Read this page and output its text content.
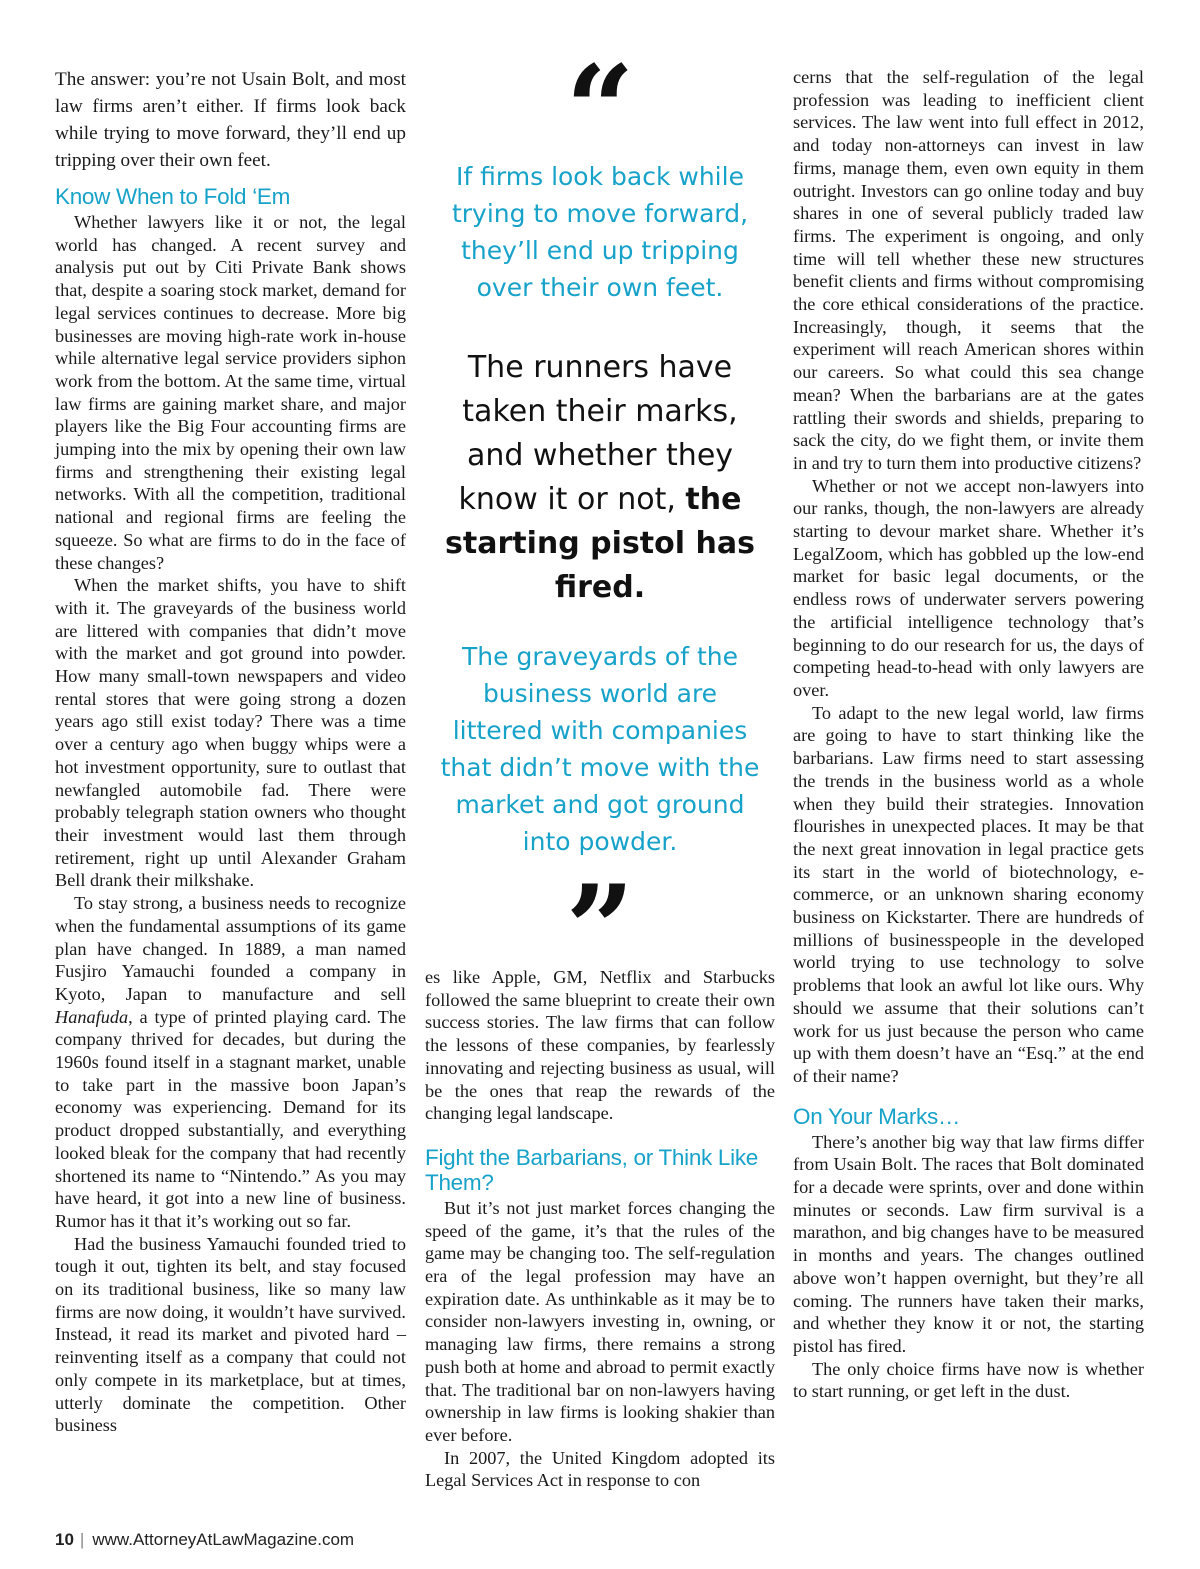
The answer: you’re not Usain Bolt, and most law firms aren’t either. If firms look back while trying to move forward, they’ll end up tripping over their own feet.

Know When to Fold ‘Em

Whether lawyers like it or not, the legal world has changed. A recent survey and analysis put out by Citi Private Bank shows that, despite a soaring stock market, demand for legal services continues to decrease. More big businesses are moving high-rate work in-house while alternative legal service providers siphon work from the bottom. At the same time, virtual law firms are gaining market share, and major players like the Big Four accounting firms are jumping into the mix by opening their own law firms and strengthening their existing legal networks. With all the competition, traditional national and regional firms are feeling the squeeze. So what are firms to do in the face of these changes?

When the market shifts, you have to shift with it. The graveyards of the business world are littered with companies that didn’t move with the market and got ground into powder. How many small-town newspapers and video rental stores that were going strong a dozen years ago still exist today? There was a time over a century ago when buggy whips were a hot investment opportunity, sure to outlast that newfangled automobile fad. There were probably telegraph station owners who thought their investment would last them through retirement, right up until Alexander Graham Bell drank their milkshake.

To stay strong, a business needs to recognize when the fundamental assumptions of its game plan have changed. In 1889, a man named Fusjiro Yamauchi founded a company in Kyoto, Japan to manufacture and sell Hanafuda, a type of printed playing card. The company thrived for decades, but during the 1960s found itself in a stagnant market, unable to take part in the massive boon Japan’s economy was experiencing. Demand for its product dropped substantially, and everything looked bleak for the company that had recently shortened its name to “Nintendo.” As you may have heard, it got into a new line of business. Rumor has it that it’s working out so far.

Had the business Yamauchi founded tried to tough it out, tighten its belt, and stay focused on its traditional business, like so many law firms are now doing, it wouldn’t have survived. Instead, it read its market and pivoted hard – reinventing itself as a company that could not only compete in its marketplace, but at times, utterly dominate the competition. Other business

“

If firms look back while trying to move forward, they’ll end up tripping over their own feet.

The runners have taken their marks, and whether they know it or not, the starting pistol has fired.

The graveyards of the business world are littered with companies that didn’t move with the market and got ground into powder.

”

es like Apple, GM, Netflix and Starbucks followed the same blueprint to create their own success stories. The law firms that can follow the lessons of these companies, by fearlessly innovating and rejecting business as usual, will be the ones that reap the rewards of the changing legal landscape.

Fight the Barbarians, or Think Like Them?

But it’s not just market forces changing the speed of the game, it’s that the rules of the game may be changing too. The self-regulation era of the legal profession may have an expiration date. As unthinkable as it may be to consider non-lawyers investing in, owning, or managing law firms, there remains a strong push both at home and abroad to permit exactly that. The traditional bar on non-lawyers having ownership in law firms is looking shakier than ever before.

In 2007, the United Kingdom adopted its Legal Services Act in response to con

cerns that the self-regulation of the legal profession was leading to inefficient client services. The law went into full effect in 2012, and today non-attorneys can invest in law firms, manage them, even own equity in them outright. Investors can go online today and buy shares in one of several publicly traded law firms. The experiment is ongoing, and only time will tell whether these new structures benefit clients and firms without compromising the core ethical considerations of the practice. Increasingly, though, it seems that the experiment will reach American shores within our careers. So what could this sea change mean? When the barbarians are at the gates rattling their swords and shields, preparing to sack the city, do we fight them, or invite them in and try to turn them into productive citizens?

Whether or not we accept non-lawyers into our ranks, though, the non-lawyers are already starting to devour market share. Whether it’s LegalZoom, which has gobbled up the low-end market for basic legal documents, or the endless rows of underwater servers powering the artificial intelligence technology that’s beginning to do our research for us, the days of competing head-to-head with only lawyers are over.

To adapt to the new legal world, law firms are going to have to start thinking like the barbarians. Law firms need to start assessing the trends in the business world as a whole when they build their strategies. Innovation flourishes in unexpected places. It may be that the next great innovation in legal practice gets its start in the world of biotechnology, e-commerce, or an unknown sharing economy business on Kickstarter. There are hundreds of millions of businesspeople in the developed world trying to use technology to solve problems that look an awful lot like ours. Why should we assume that their solutions can’t work for us just because the person who came up with them doesn’t have an “Esq.” at the end of their name?

On Your Marks…

There’s another big way that law firms differ from Usain Bolt. The races that Bolt dominated for a decade were sprints, over and done within minutes or seconds. Law firm survival is a marathon, and big changes have to be measured in months and years. The changes outlined above won’t happen overnight, but they’re all coming. The runners have taken their marks, and whether they know it or not, the starting pistol has fired.

The only choice firms have now is whether to start running, or get left in the dust.

10 | www.AttorneyAtLawMagazine.com
